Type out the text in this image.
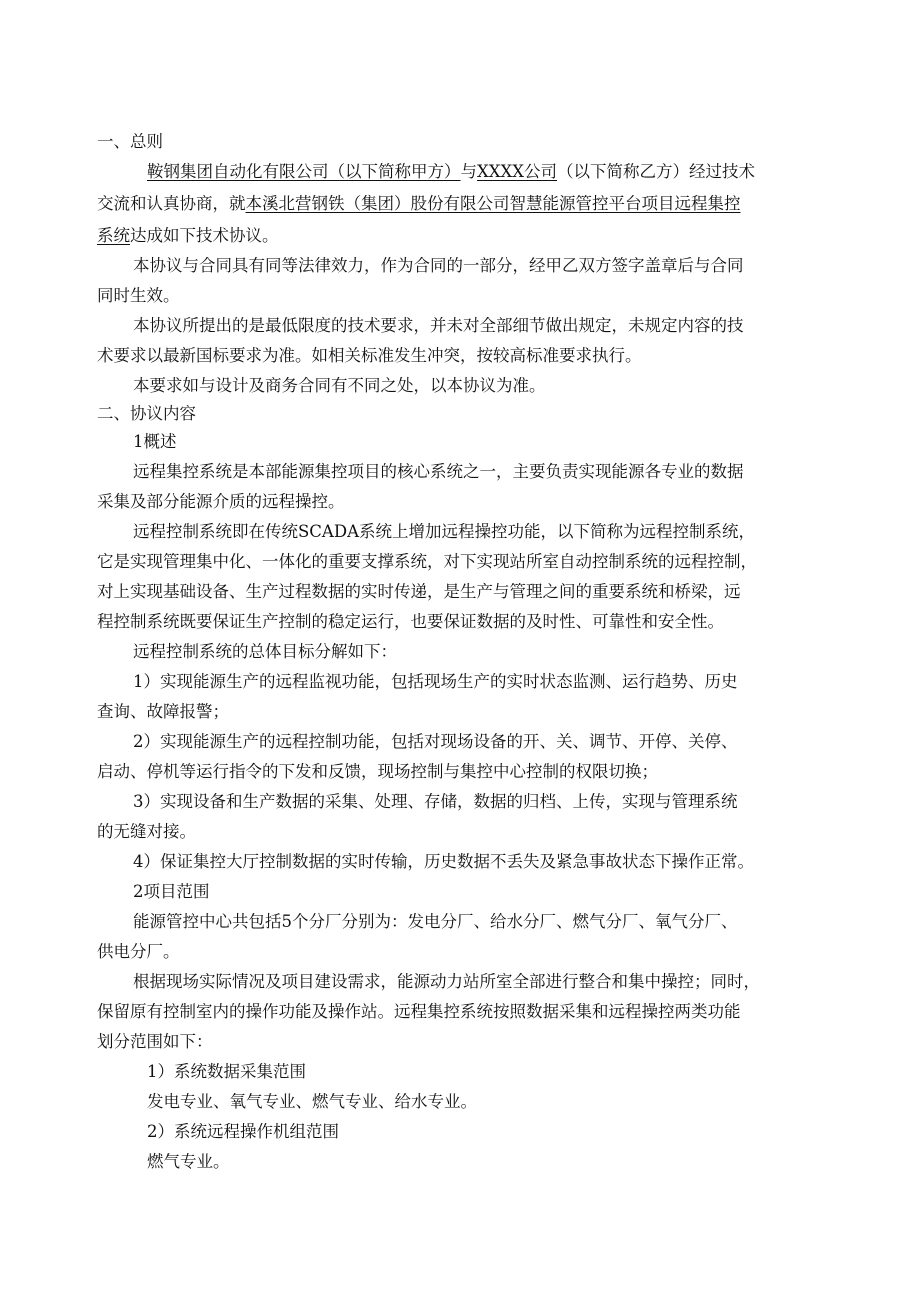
一、总则
鞍钢集团自动化有限公司（以下简称甲方）与XXXX公司（以下简称乙方）经过技术
交流和认真协商，就本溪北营钢铁（集团）股份有限公司智慧能源管控平台项目远程集控
系统达成如下技术协议。
本协议与合同具有同等法律效力，作为合同的一部分，经甲乙双方签字盖章后与合同
同时生效。
本协议所提出的是最低限度的技术要求，并未对全部细节做出规定，未规定内容的技
术要求以最新国标要求为准。如相关标准发生冲突，按较高标准要求执行。
本要求如与设计及商务合同有不同之处，以本协议为准。
二、协议内容
1概述
远程集控系统是本部能源集控项目的核心系统之一，主要负责实现能源各专业的数据
采集及部分能源介质的远程操控。
远程控制系统即在传统SCADA系统上增加远程操控功能，以下简称为远程控制系统，
它是实现管理集中化、一体化的重要支撑系统，对下实现站所室自动控制系统的远程控制，
对上实现基础设备、生产过程数据的实时传递，是生产与管理之间的重要系统和桥梁，远
程控制系统既要保证生产控制的稳定运行，也要保证数据的及时性、可靠性和安全性。
远程控制系统的总体目标分解如下：
1）实现能源生产的远程监视功能，包括现场生产的实时状态监测、运行趋势、历史
查询、故障报警；
2）实现能源生产的远程控制功能，包括对现场设备的开、关、调节、开停、关停、
启动、停机等运行指令的下发和反馈，现场控制与集控中心控制的权限切换；
3）实现设备和生产数据的采集、处理、存储，数据的归档、上传，实现与管理系统
的无缝对接。
4）保证集控大厅控制数据的实时传输，历史数据不丢失及紧急事故状态下操作正常。
2项目范围
能源管控中心共包括5个分厂分别为：发电分厂、给水分厂、燃气分厂、氧气分厂、
供电分厂。
根据现场实际情况及项目建设需求，能源动力站所室全部进行整合和集中操控；同时，
保留原有控制室内的操作功能及操作站。远程集控系统按照数据采集和远程操控两类功能
划分范围如下：
1）系统数据采集范围
发电专业、氧气专业、燃气专业、给水专业。
2）系统远程操作机组范围
燃气专业。
